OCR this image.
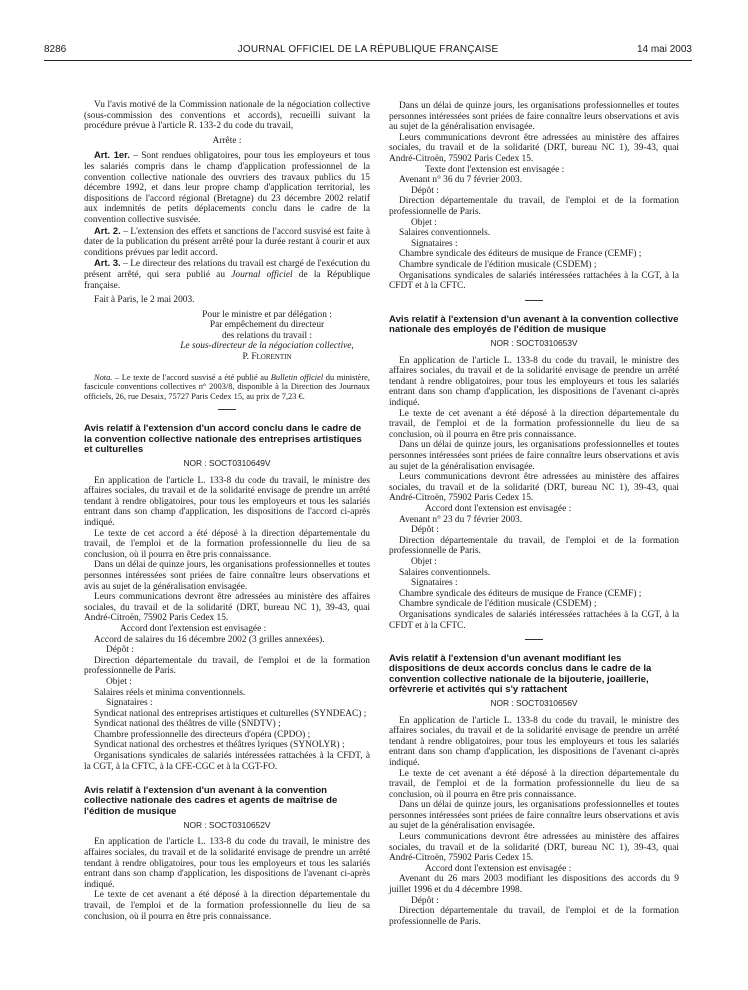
8286	JOURNAL OFFICIEL DE LA RÉPUBLIQUE FRANÇAISE	14 mai 2003

Vu l'avis motivé de la Commission nationale de la négociation collective (sous-commission des conventions et accords), recueilli suivant la procédure prévue à l'article R. 133-2 du code du travail,

Arrête :

Art. 1er. – Sont rendues obligatoires, pour tous les employeurs et tous les salariés compris dans le champ d'application professionnel de la convention collective nationale des ouvriers des travaux publics du 15 décembre 1992, et dans leur propre champ d'application territorial, les dispositions de l'accord régional (Bretagne) du 23 décembre 2002 relatif aux indemnités de petits déplacements conclu dans le cadre de la convention collective susvisée.

Art. 2. – L'extension des effets et sanctions de l'accord susvisé est faite à dater de la publication du présent arrêté pour la durée restant à courir et aux conditions prévues par ledit accord.

Art. 3. – Le directeur des relations du travail est chargé de l'exécution du présent arrêté, qui sera publié au Journal officiel de la République française.

Fait à Paris, le 2 mai 2003.

Pour le ministre et par délégation :

Par empêchement du directeur

des relations du travail :

Le sous-directeur de la négociation collective,

P. Florentin

Nota. – Le texte de l'accord susvisé a été publié au Bulletin officiel du ministère, fascicule conventions collectives n° 2003/8, disponible à la Direction des Journaux officiels, 26, rue Desaix, 75727 Paris Cedex 15, au prix de 7,23 €.

Avis relatif à l'extension d'un accord conclu dans le cadre de la convention collective nationale des entreprises artistiques et culturelles

NOR : SOCT0310649V

En application de l'article L. 133-8 du code du travail, le ministre des affaires sociales, du travail et de la solidarité envisage de prendre un arrêté tendant à rendre obligatoires, pour tous les employeurs et tous les salariés entrant dans son champ d'application, les dispositions de l'accord ci-après indiqué.

Le texte de cet accord a été déposé à la direction départementale du travail, de l'emploi et de la formation professionnelle du lieu de sa conclusion, où il pourra en être pris connaissance.

Dans un délai de quinze jours, les organisations professionnelles et toutes personnes intéressées sont priées de faire connaître leurs observations et avis au sujet de la généralisation envisagée.

Leurs communications devront être adressées au ministère des affaires sociales, du travail et de la solidarité (DRT, bureau NC 1), 39-43, quai André-Citroën, 75902 Paris Cedex 15.

Accord dont l'extension est envisagée :

Accord de salaires du 16 décembre 2002 (3 grilles annexées).

Dépôt :

Direction départementale du travail, de l'emploi et de la formation professionnelle de Paris.

Objet :

Salaires réels et minima conventionnels.

Signataires :

Syndicat national des entreprises artistiques et culturelles (SYNDEAC) ;

Syndicat national des théâtres de ville (SNDTV) ;

Chambre professionnelle des directeurs d'opéra (CPDO) ;

Syndicat national des orchestres et théâtres lyriques (SYNOLYR) ;

Organisations syndicales de salariés intéressées rattachées à la CFDT, à la CGT, à la CFTC, à la CFE-CGC et à la CGT-FO.

Avis relatif à l'extension d'un avenant à la convention collective nationale des cadres et agents de maîtrise de l'édition de musique

NOR : SOCT0310652V

En application de l'article L. 133-8 du code du travail, le ministre des affaires sociales, du travail et de la solidarité envisage de prendre un arrêté tendant à rendre obligatoires, pour tous les employeurs et tous les salariés entrant dans son champ d'application, les dispositions de l'avenant ci-après indiqué.

Le texte de cet avenant a été déposé à la direction départementale du travail, de l'emploi et de la formation professionnelle du lieu de sa conclusion, où il pourra en être pris connaissance.

Dans un délai de quinze jours, les organisations professionnelles et toutes personnes intéressées sont priées de faire connaître leurs observations et avis au sujet de la généralisation envisagée.

Leurs communications devront être adressées au ministère des affaires sociales, du travail et de la solidarité (DRT, bureau NC 1), 39-43, quai André-Citroën, 75902 Paris Cedex 15.

Texte dont l'extension est envisagée :

Avenant n° 36 du 7 février 2003.

Dépôt :

Direction départementale du travail, de l'emploi et de la formation professionnelle de Paris.

Objet :

Salaires conventionnels.

Signataires :

Chambre syndicale des éditeurs de musique de France (CEMF) ;

Chambre syndicale de l'édition musicale (CSDEM) ;

Organisations syndicales de salariés intéressées rattachées à la CGT, à la CFDT et à la CFTC.

Avis relatif à l'extension d'un avenant à la convention collective nationale des employés de l'édition de musique

NOR : SOCT0310653V

En application de l'article L. 133-8 du code du travail, le ministre des affaires sociales, du travail et de la solidarité envisage de prendre un arrêté tendant à rendre obligatoires, pour tous les employeurs et tous les salariés entrant dans son champ d'application, les dispositions de l'avenant ci-après indiqué.

Le texte de cet avenant a été déposé à la direction départementale du travail, de l'emploi et de la formation professionnelle du lieu de sa conclusion, où il pourra en être pris connaissance.

Dans un délai de quinze jours, les organisations professionnelles et toutes personnes intéressées sont priées de faire connaître leurs observations et avis au sujet de la généralisation envisagée.

Leurs communications devront être adressées au ministère des affaires sociales, du travail et de la solidarité (DRT, bureau NC 1), 39-43, quai André-Citroën, 75902 Paris Cedex 15.

Accord dont l'extension est envisagée :

Avenant n° 23 du 7 février 2003.

Dépôt :

Direction départementale du travail, de l'emploi et de la formation professionnelle de Paris.

Objet :

Salaires conventionnels.

Signataires :

Chambre syndicale des éditeurs de musique de France (CEMF) ;

Chambre syndicale de l'édition musicale (CSDEM) ;

Organisations syndicales de salariés intéressées rattachées à la CGT, à la CFDT et à la CFTC.

Avis relatif à l'extension d'un avenant modifiant les dispositions de deux accords conclus dans le cadre de la convention collective nationale de la bijouterie, joaillerie, orfèvrerie et activités qui s'y rattachent

NOR : SOCT0310656V

En application de l'article L. 133-8 du code du travail, le ministre des affaires sociales, du travail et de la solidarité envisage de prendre un arrêté tendant à rendre obligatoires, pour tous les employeurs et tous les salariés entrant dans son champ d'application, les dispositions de l'avenant ci-après indiqué.

Le texte de cet avenant a été déposé à la direction départementale du travail, de l'emploi et de la formation professionnelle du lieu de sa conclusion, où il pourra en être pris connaissance.

Dans un délai de quinze jours, les organisations professionnelles et toutes personnes intéressées sont priées de faire connaître leurs observations et avis au sujet de la généralisation envisagée.

Leurs communications devront être adressées au ministère des affaires sociales, du travail et de la solidarité (DRT, bureau NC 1), 39-43, quai André-Citroën, 75902 Paris Cedex 15.

Accord dont l'extension est envisagée :

Avenant du 26 mars 2003 modifiant les dispositions des accords du 9 juillet 1996 et du 4 décembre 1998.

Dépôt :

Direction départementale du travail, de l'emploi et de la formation professionnelle de Paris.
